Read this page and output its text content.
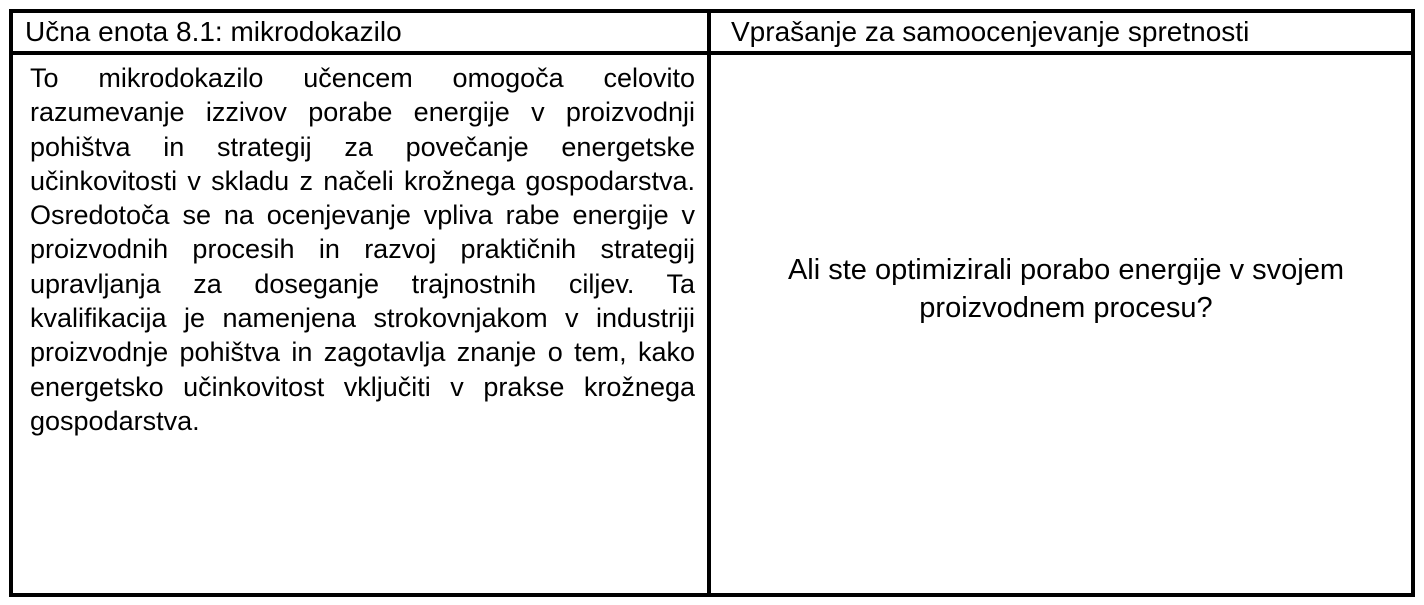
Učna enota 8.1: mikrodokazilo	Vprašanje za samoocenjevanje spretnosti

To mikrodokazilo učencem omogoča celovito razumevanje izzivov porabe energije v proizvodnji pohištva in strategij za povečanje energetske učinkovitosti v skladu z načeli krožnega gospodarstva. Osredotoča se na ocenjevanje vpliva rabe energije v proizvodnih procesih in razvoj praktičnih strategij upravljanja za doseganje trajnostnih ciljev. Ta kvalifikacija je namenjena strokovnjakom v industriji proizvodnje pohištva in zagotavlja znanje o tem, kako energetsko učinkovitost vključiti v prakse krožnega gospodarstva.

Ali ste optimizirali porabo energije v svojem proizvodnem procesu?
